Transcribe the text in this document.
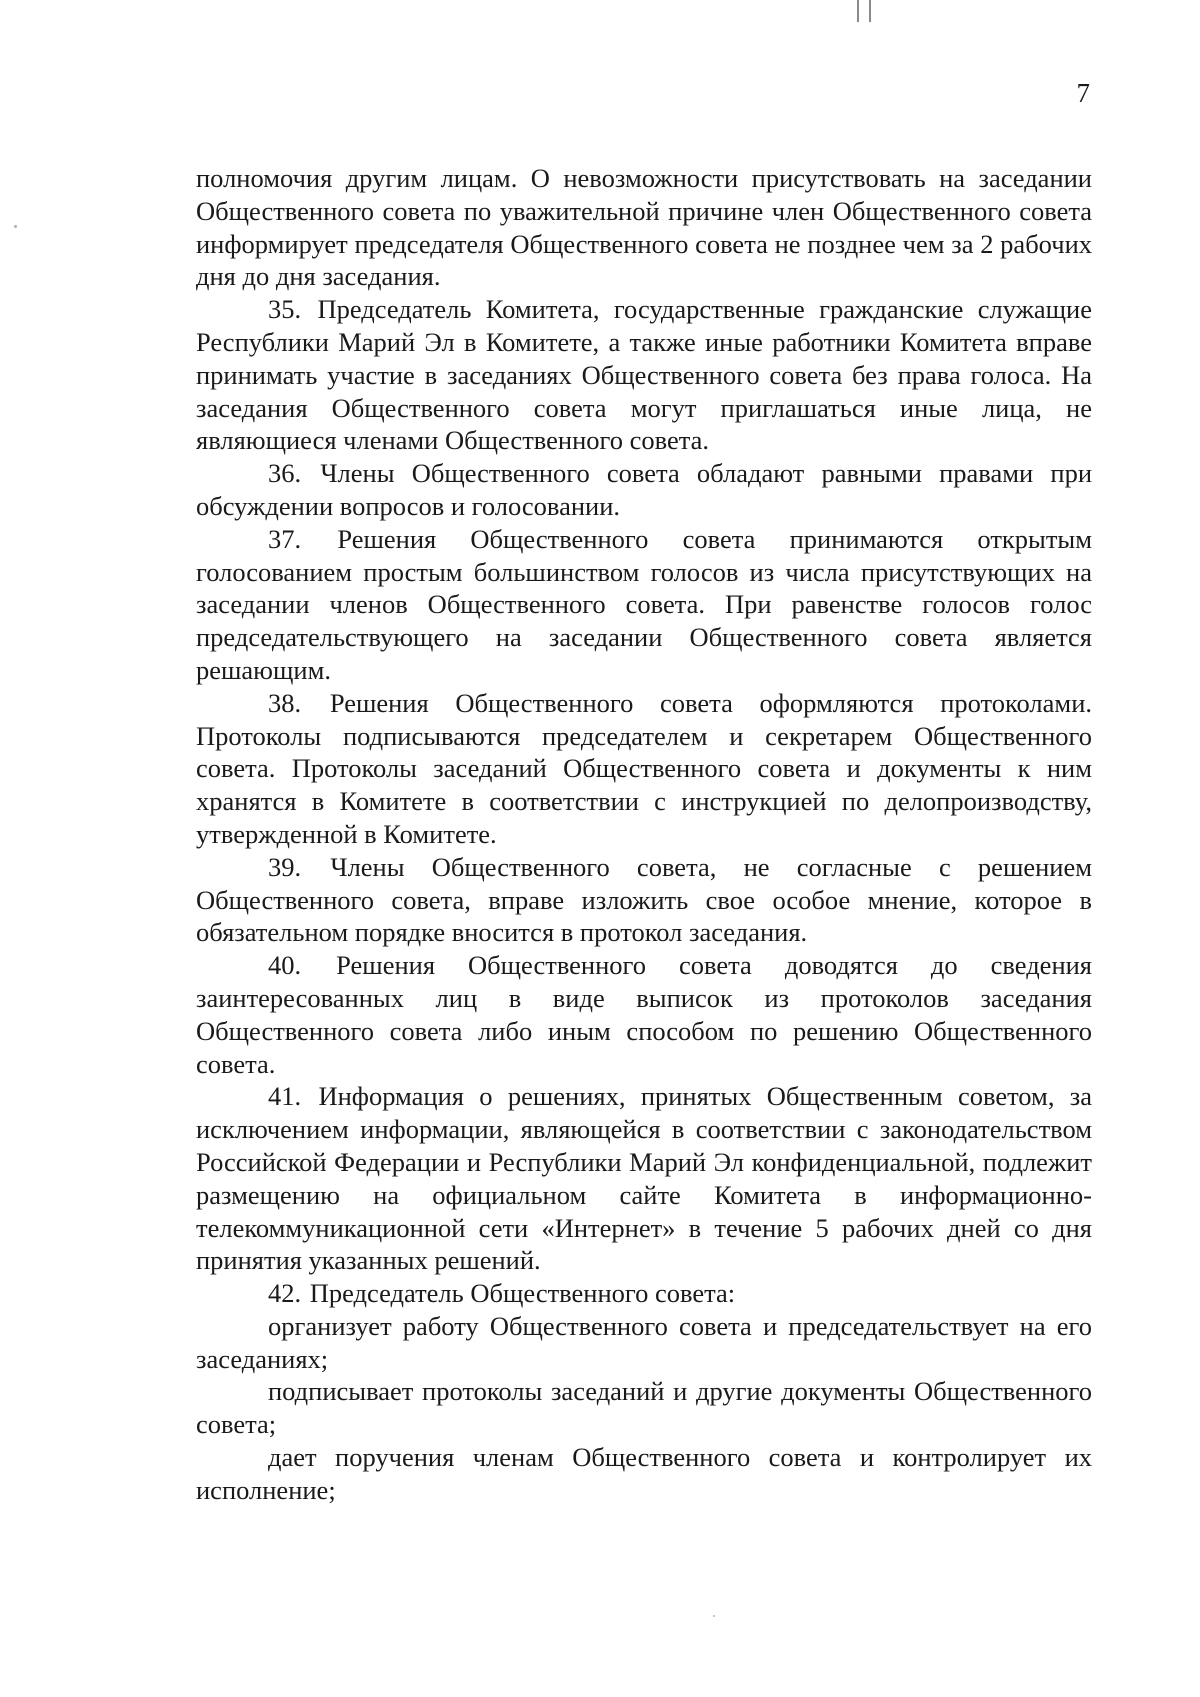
7

полномочия другим лицам. О невозможности присутствовать на заседании Общественного совета по уважительной причине член Общественного совета информирует председателя Общественного совета не позднее чем за 2 рабочих дня до дня заседания.

35. Председатель Комитета, государственные гражданские служащие Республики Марий Эл в Комитете, а также иные работники Комитета вправе принимать участие в заседаниях Общественного совета без права голоса. На заседания Общественного совета могут приглашаться иные лица, не являющиеся членами Общественного совета.

36. Члены Общественного совета обладают равными правами при обсуждении вопросов и голосовании.

37. Решения Общественного совета принимаются открытым голосованием простым большинством голосов из числа присутствующих на заседании членов Общественного совета. При равенстве голосов голос председательствующего на заседании Общественного совета является решающим.

38. Решения Общественного совета оформляются протоколами. Протоколы подписываются председателем и секретарем Общественного совета. Протоколы заседаний Общественного совета и документы к ним хранятся в Комитете в соответствии с инструкцией по делопроизводству, утвержденной в Комитете.

39. Члены Общественного совета, не согласные с решением Общественного совета, вправе изложить свое особое мнение, которое в обязательном порядке вносится в протокол заседания.

40. Решения Общественного совета доводятся до сведения заинтересованных лиц в виде выписок из протоколов заседания Общественного совета либо иным способом по решению Общественного совета.

41. Информация о решениях, принятых Общественным советом, за исключением информации, являющейся в соответствии с законодательством Российской Федерации и Республики Марий Эл конфиденциальной, подлежит размещению на официальном сайте Комитета в информационно-телекоммуникационной сети «Интернет» в течение 5 рабочих дней со дня принятия указанных решений.

42. Председатель Общественного совета:

организует работу Общественного совета и председательствует на его заседаниях;

подписывает протоколы заседаний и другие документы Общественного совета;

дает поручения членам Общественного совета и контролирует их исполнение;
